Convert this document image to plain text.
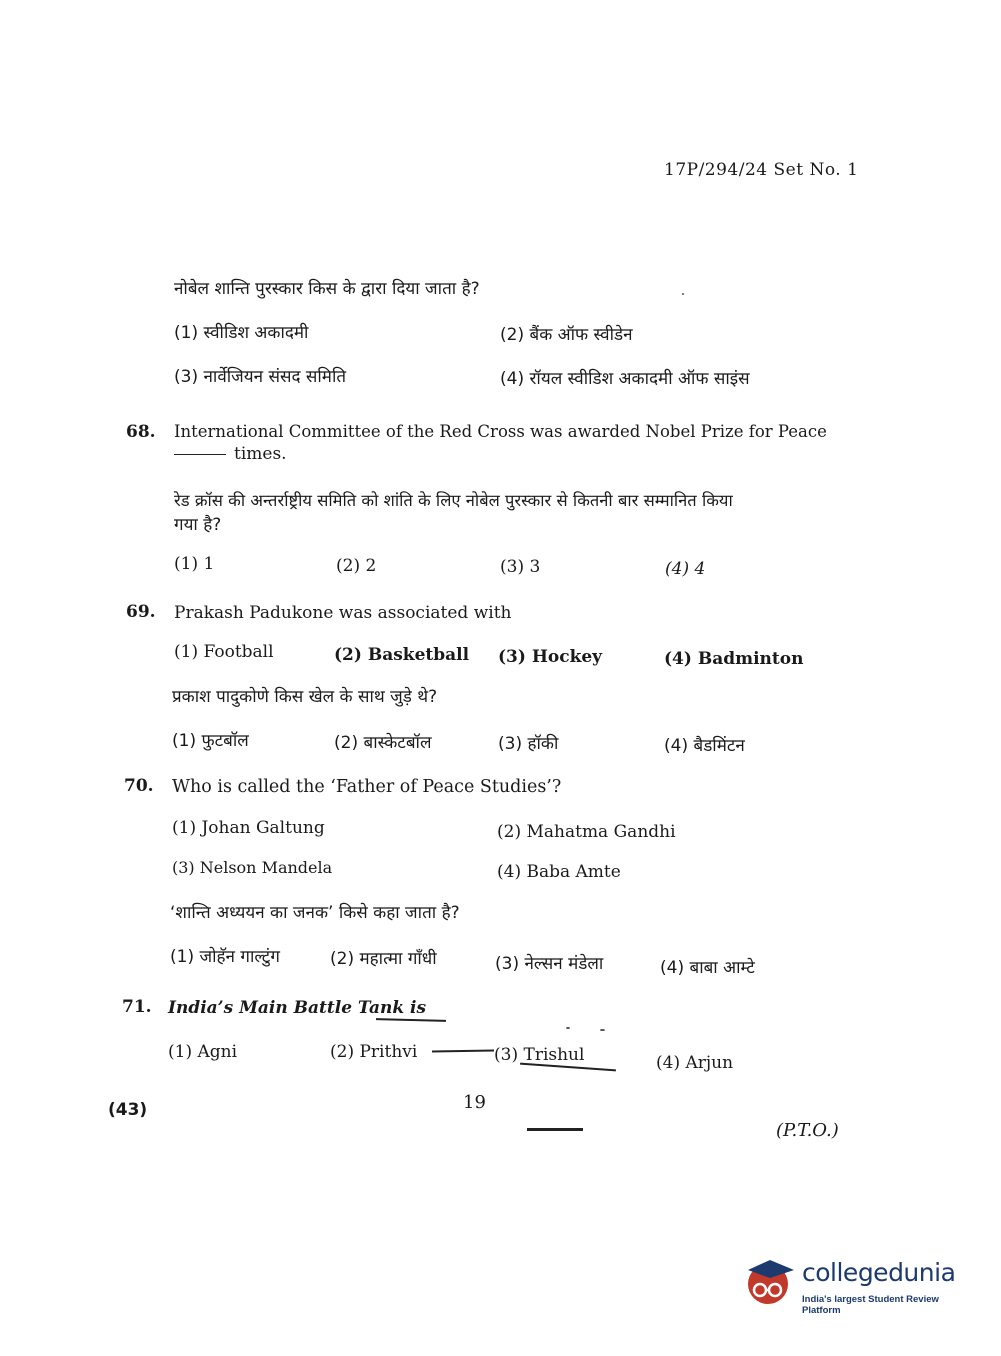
17P/294/24 Set No. 1
नोबेल शान्ति पुरस्कार किस के द्वारा दिया जाता है?
(1) स्वीडिश अकादमी	(2) बैंक ऑफ स्वीडेन
(3) नार्वेजियन संसद समिति	(4) रॉयल स्वीडिश अकादमी ऑफ साइंस
68. International Committee of the Red Cross was awarded Nobel Prize for Peace
times.
रेड क्रॉस की अन्तर्राष्ट्रीय समिति को शांति के लिए नोबेल पुरस्कार से कितनी बार सम्मानित किया
गया है?
(1) 1	(2) 2	(3) 3	(4) 4
69. Prakash Padukone was associated with
(1) Football	(2) Basketball (3) Hockey	(4) Badminton
प्रकाश पादुकोणे किस खेल के साथ जुड़े थे?
(1) फुटबॉल	(2) बास्केटबॉल	(3) हॉकी	(4) बैडमिंटन
70. Who is called the ‘Father of Peace Studies’?
(1) Johan Galtung	(2) Mahatma Gandhi
(3) Nelson Mandela	(4) Baba Amte
‘शान्ति अध्ययन का जनक’ किसे कहा जाता है?
(1) जोहॅन गाल्टुंग	(2) महात्मा गाँधी	(3) नेल्सन मंडेला	(4) बाबा आम्टे
71. India’s Main Battle Tank is
(1) Agni	(2) Prithvi	(3) Trishul	(4) Arjun
(43)	19
(P.T.O.)
collegedunia
India's largest Student Review Platform
